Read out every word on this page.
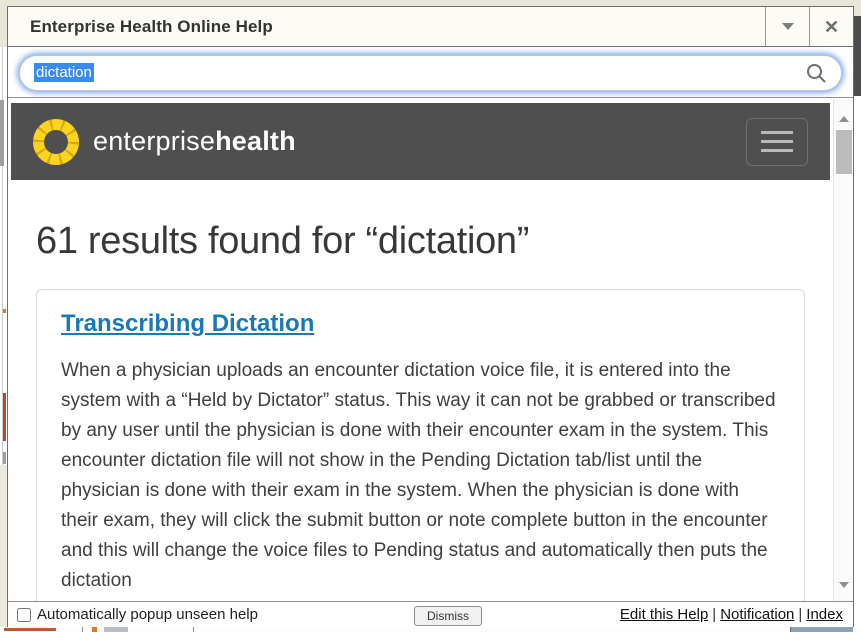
Enterprise Health Online Help	✕
dictation
enterprisehealth
61 results found for “dictation”
Transcribing Dictation

When a physician uploads an encounter dictation voice file, it is entered into the system with a “Held by Dictator” status. This way it can not be grabbed or transcribed by any user until the physician is done with their encounter exam in the system. This encounter dictation file will not show in the Pending Dictation tab/list until the physician is done with their exam in the system. When the physician is done with their exam, they will click the submit button or note complete button in the encounter and this will change the voice files to Pending status and automatically then puts the dictation

Automatically popup unseen help	Dismiss	Edit this Help | Notification | Index
